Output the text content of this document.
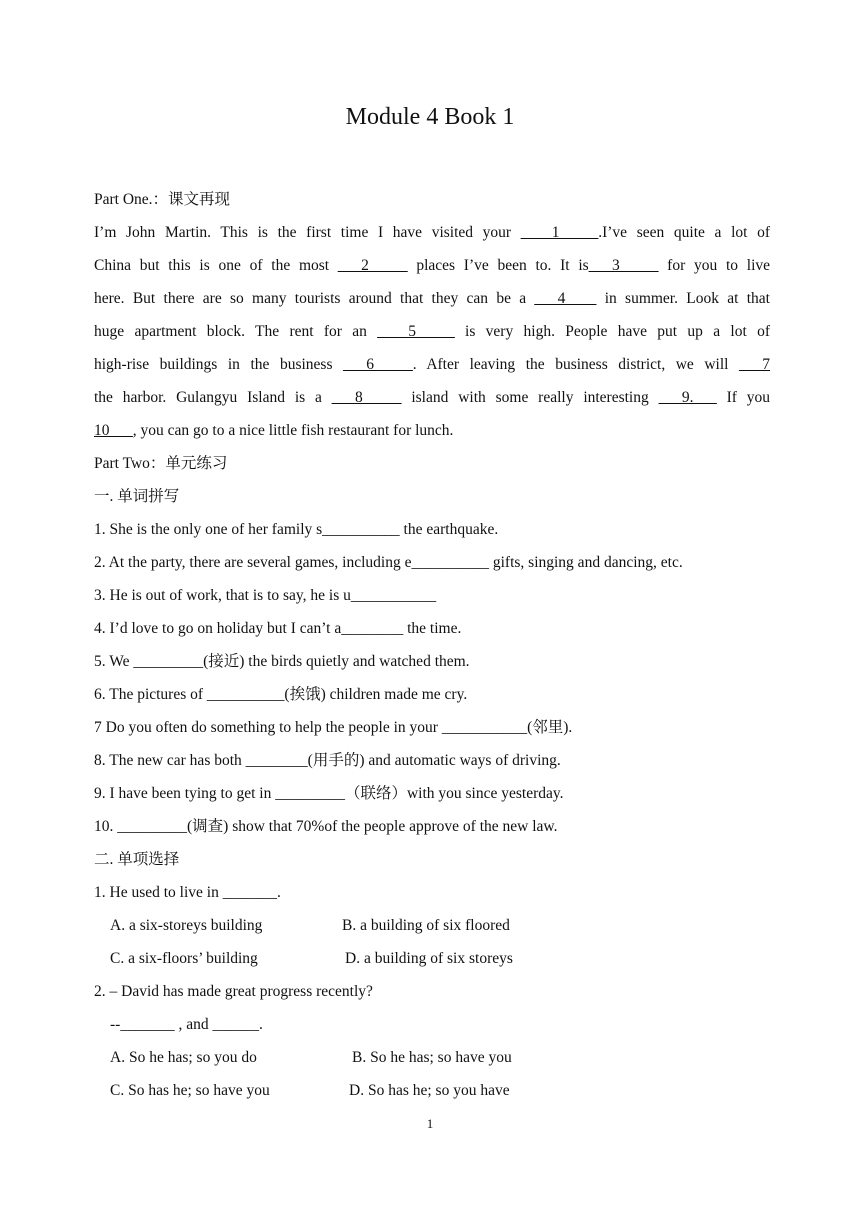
Module 4 Book 1
Part One.：课文再现
I’m John Martin. This is the first time I have visited your ____1_____.I’ve seen quite a lot of
China but this is one of the most ___2_____ places I’ve been to. It is___3_____ for you to live
here. But there are so many tourists around that they can be a ___4____ in summer. Look at that
huge apartment block. The rent for an ____5_____ is very high. People have put up a lot of
high-rise buildings in the business ___6_____. After leaving the business district, we will ___7
the harbor. Gulangyu Island is a ___8_____ island with some really interesting ___9.___ If you
10___, you can go to a nice little fish restaurant for lunch.
Part Two：单元练习
一. 单词拼写
1. She is the only one of her family s__________ the earthquake.
2. At the party, there are several games, including e__________ gifts, singing and dancing, etc.
3. He is out of work, that is to say, he is u___________
4. I’d love to go on holiday but I can’t a________ the time.
5. We _________(接近) the birds quietly and watched them.
6. The pictures of __________(挨饿) children made me cry.
7 Do you often do something to help the people in your ___________(邻里).
8. The new car has both ________(用手的) and automatic ways of driving.
9. I have been tying to get in _________（联络）with you since yesterday.
10. _________(调查) show that 70%of the people approve of the new law.
二. 单项选择
1. He used to live in _______.
A. a six-storeys building	B. a building of six floored
C. a six-floors’ building	D. a building of six storeys
2. – David has made great progress recently?
--_______ , and ______.
A. So he has; so you do	B. So he has; so have you
C. So has he; so have you	D. So has he; so you have
1
